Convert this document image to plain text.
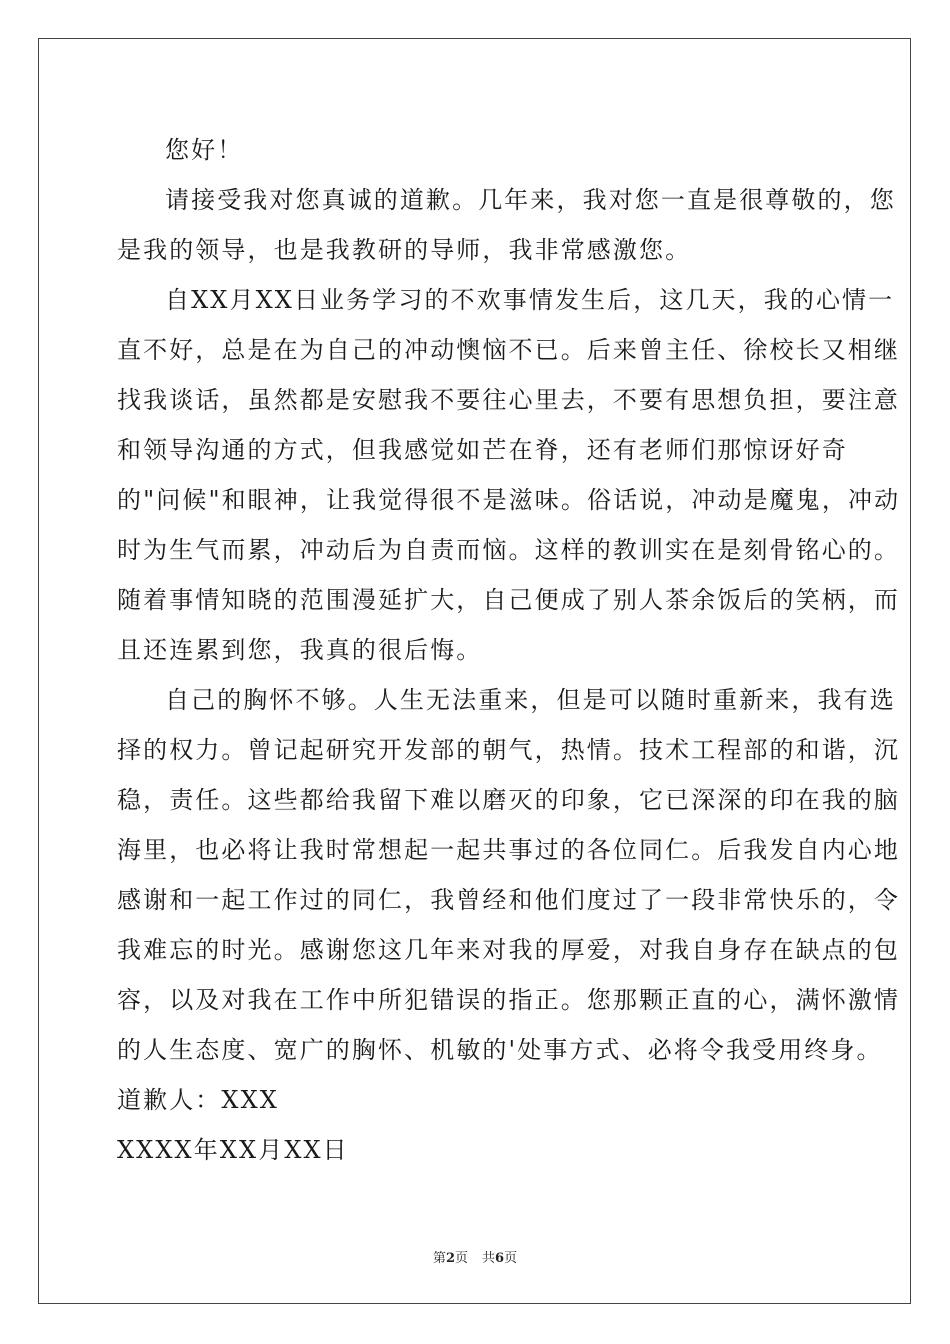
您好！
请接受我对您真诚的道歉。几年来，我对您一直是很尊敬的，您
是我的领导，也是我教研的导师，我非常感激您。
自XX月XX日业务学习的不欢事情发生后，这几天，我的心情一
直不好，总是在为自己的冲动懊恼不已。后来曾主任、徐校长又相继
找我谈话，虽然都是安慰我不要往心里去，不要有思想负担，要注意
和领导沟通的方式，但我感觉如芒在脊，还有老师们那惊讶好奇
的"问候"和眼神，让我觉得很不是滋味。俗话说，冲动是魔鬼，冲动
时为生气而累，冲动后为自责而恼。这样的教训实在是刻骨铭心的。
随着事情知晓的范围漫延扩大，自己便成了别人茶余饭后的笑柄，而
且还连累到您，我真的很后悔。
自己的胸怀不够。人生无法重来，但是可以随时重新来，我有选
择的权力。曾记起研究开发部的朝气，热情。技术工程部的和谐，沉
稳，责任。这些都给我留下难以磨灭的印象，它已深深的印在我的脑
海里，也必将让我时常想起一起共事过的各位同仁。后我发自内心地
感谢和一起工作过的同仁，我曾经和他们度过了一段非常快乐的，令
我难忘的时光。感谢您这几年来对我的厚爱，对我自身存在缺点的包
容，以及对我在工作中所犯错误的指正。您那颗正直的心，满怀激情
的人生态度、宽广的胸怀、机敏的'处事方式、必将令我受用终身。
道歉人：XXX
XXXX年XX月XX日
第2页 共6页
